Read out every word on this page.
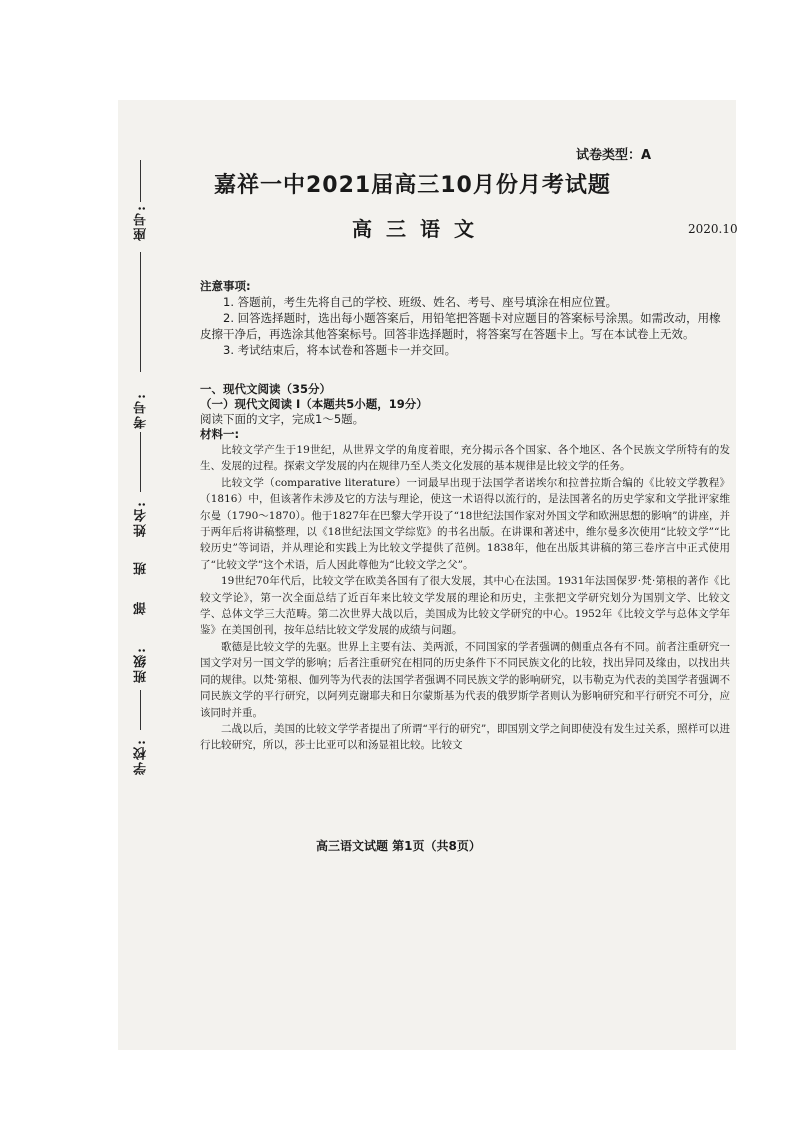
座号:
考号:
姓名:
班
部
班级:
学校:
试卷类型：A
嘉祥一中2021届高三10月份月考试题
高三语文	2020.10
注意事项:

1. 答题前，考生先将自己的学校、班级、姓名、考号、座号填涂在相应位置。

2. 回答选择题时，选出每小题答案后，用铅笔把答题卡对应题目的答案标号涂黑。如需改动，用橡皮擦干净后，再选涂其他答案标号。回答非选择题时，将答案写在答题卡上。写在本试卷上无效。

3. 考试结束后，将本试卷和答题卡一并交回。

一、现代文阅读（35分）
（一）现代文阅读 Ⅰ（本题共5小题，19分）
阅读下面的文字，完成1～5题。
材料一:

比较文学产生于19世纪，从世界文学的角度着眼，充分揭示各个国家、各个地区、各个民族文学所特有的发生、发展的过程。探索文学发展的内在规律乃至人类文化发展的基本规律是比较文学的任务。

比较文学（comparative literature）一词最早出现于法国学者诺埃尔和拉普拉斯合编的《比较文学教程》（1816）中，但该著作未涉及它的方法与理论，使这一术语得以流行的，是法国著名的历史学家和文学批评家维尔曼（1790～1870）。他于1827年在巴黎大学开设了“18世纪法国作家对外国文学和欧洲思想的影响”的讲座，并于两年后将讲稿整理，以《18世纪法国文学综览》的书名出版。在讲课和著述中，维尔曼多次使用“比较文学”“比较历史”等词语，并从理论和实践上为比较文学提供了范例。1838年，他在出版其讲稿的第三卷序言中正式使用了“比较文学”这个术语，后人因此尊他为“比较文学之父”。

19世纪70年代后，比较文学在欧美各国有了很大发展，其中心在法国。1931年法国保罗·梵·第根的著作《比较文学论》，第一次全面总结了近百年来比较文学发展的理论和历史，主张把文学研究划分为国别文学、比较文学、总体文学三大范畴。第二次世界大战以后，美国成为比较文学研究的中心。1952年《比较文学与总体文学年鉴》在美国创刊，按年总结比较文学发展的成绩与问题。

歌德是比较文学的先驱。世界上主要有法、美两派，不同国家的学者强调的侧重点各有不同。前者注重研究一国文学对另一国文学的影响；后者注重研究在相同的历史条件下不同民族文化的比较，找出异同及缘由，以找出共同的规律。以梵·第根、伽列等为代表的法国学者强调不同民族文学的影响研究，以韦勒克为代表的美国学者强调不同民族文学的平行研究，以阿列克谢耶夫和日尔蒙斯基为代表的俄罗斯学者则认为影响研究和平行研究不可分，应该同时并重。

二战以后，美国的比较文学学者提出了所谓“平行的研究”，即国别文学之间即使没有发生过关系，照样可以进行比较研究，所以，莎士比亚可以和汤显祖比较。比较文

高三语文试题 第1页（共8页）
